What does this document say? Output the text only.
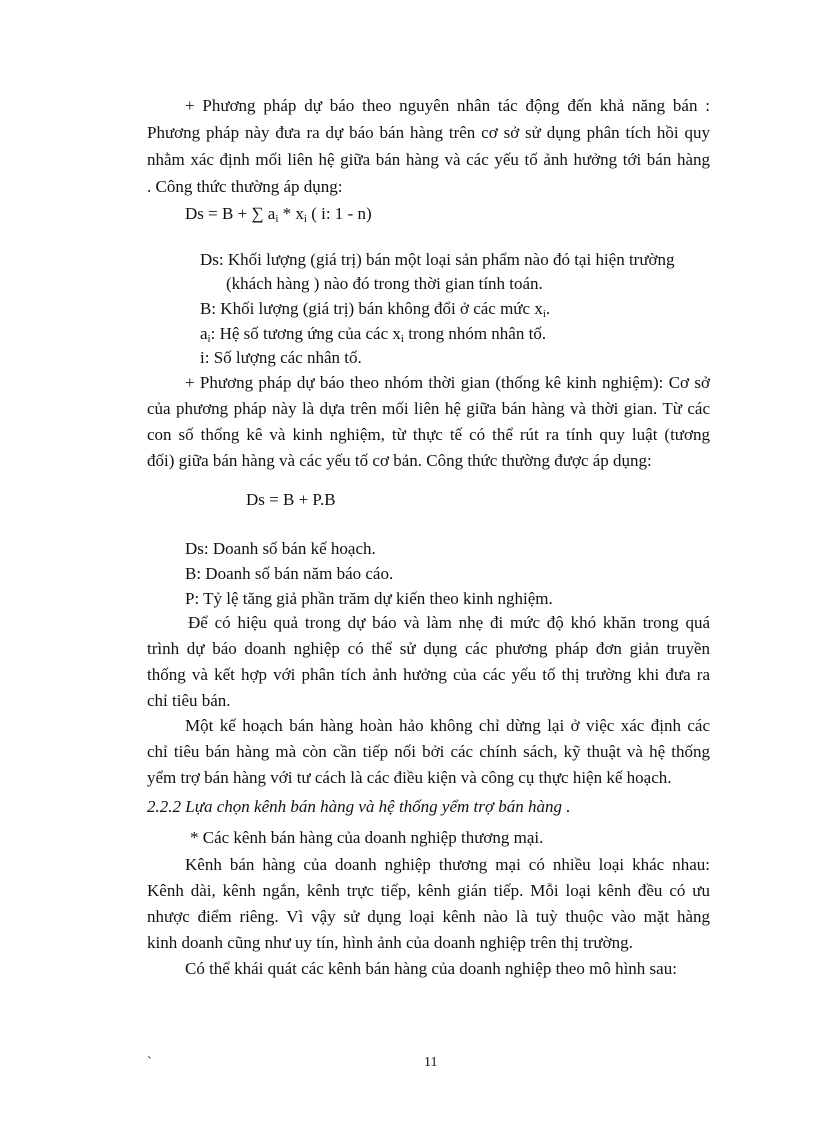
+ Phương pháp dự báo theo nguyên nhân tác động đến khả năng bán :
Phương pháp này đưa ra dự báo bán hàng trên cơ sở sử dụng phân tích hồi quy
nhằm xác định mối liên hệ giữa bán hàng và các yếu tố ảnh hưởng tới bán hàng
. Công thức thường áp dụng:
Ds = B + ∑ $a_i * x_i$ ( i: 1 - n)
Ds: Khối lượng (giá trị) bán một loại sản phẩm nào đó tại hiện trường
(khách hàng ) nào đó trong thời gian tính toán.
B: Khối lượng (giá trị) bán không đổi ở các mức $x_i$.
$a_i$: Hệ số tương ứng của các $x_i$ trong nhóm nhân tố.
i: Số lượng các nhân tố.
+ Phương pháp dự báo theo nhóm thời gian (thống kê kinh nghiệm): Cơ sở
của phương pháp này là dựa trên mối liên hệ giữa bán hàng và thời gian. Từ các
con số thống kê và kinh nghiệm, từ thực tế có thể rút ra tính quy luật (tương
đối) giữa bán hàng và các yếu tố cơ bản. Công thức thường được áp dụng:
Ds = B + P.B
Ds: Doanh số bán kế hoạch.
B: Doanh số bán năm báo cáo.
P: Tỷ lệ tăng giả phần trăm dự kiến theo kinh nghiệm.
Để có hiệu quả trong dự báo và làm nhẹ đi mức độ khó khăn trong quá
trình dự báo doanh nghiệp có thể sử dụng các phương pháp đơn giản truyền
thống và kết hợp với phân tích ảnh hưởng của các yếu tố thị trường khi đưa ra
chỉ tiêu bán.
Một kế hoạch bán hàng hoàn hảo không chỉ dừng lại ở việc xác định các
chỉ tiêu bán hàng mà còn cần tiếp nối bởi các chính sách, kỹ thuật và hệ thống
yểm trợ bán hàng với tư cách là các điều kiện và công cụ thực hiện kế hoạch.
2.2.2 Lựa chọn kênh bán hàng và hệ thống yểm trợ bán hàng .
* Các kênh bán hàng của doanh nghiệp thương mại.
Kênh bán hàng của doanh nghiệp thương mại có nhiều loại khác nhau:
Kênh dài, kênh ngắn, kênh trực tiếp, kênh gián tiếp. Mỗi loại kênh đều có ưu
nhược điểm riêng. Vì vậy sử dụng loại kênh nào là tuỳ thuộc vào mặt hàng
kinh doanh cũng như uy tín, hình ảnh của doanh nghiệp trên thị trường.
Có thể khái quát các kênh bán hàng của doanh nghiệp theo mô hình sau:
`	11
